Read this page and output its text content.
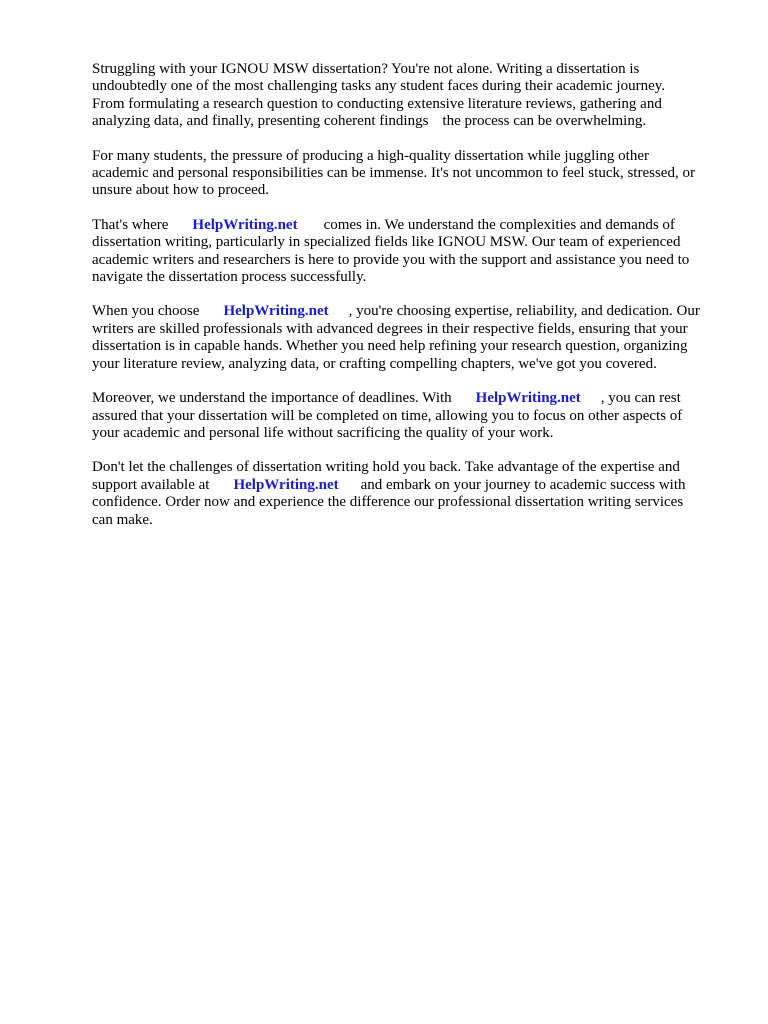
Struggling with your IGNOU MSW dissertation? You're not alone. Writing a dissertation is
undoubtedly one of the most challenging tasks any student faces during their academic journey.
From formulating a research question to conducting extensive literature reviews, gathering and
analyzing data, and finally, presenting coherent findings the process can be overwhelming.

For many students, the pressure of producing a high-quality dissertation while juggling other
academic and personal responsibilities can be immense. It's not uncommon to feel stuck, stressed, or
unsure about how to proceed.

That's where HelpWriting.net comes in. We understand the complexities and demands of
dissertation writing, particularly in specialized fields like IGNOU MSW. Our team of experienced
academic writers and researchers is here to provide you with the support and assistance you need to
navigate the dissertation process successfully.

When you choose HelpWriting.net , you're choosing expertise, reliability, and dedication. Our
writers are skilled professionals with advanced degrees in their respective fields, ensuring that your
dissertation is in capable hands. Whether you need help refining your research question, organizing
your literature review, analyzing data, or crafting compelling chapters, we've got you covered.

Moreover, we understand the importance of deadlines. With HelpWriting.net , you can rest
assured that your dissertation will be completed on time, allowing you to focus on other aspects of
your academic and personal life without sacrificing the quality of your work.

Don't let the challenges of dissertation writing hold you back. Take advantage of the expertise and
support available at HelpWriting.net and embark on your journey to academic success with
confidence. Order now and experience the difference our professional dissertation writing services
can make.
